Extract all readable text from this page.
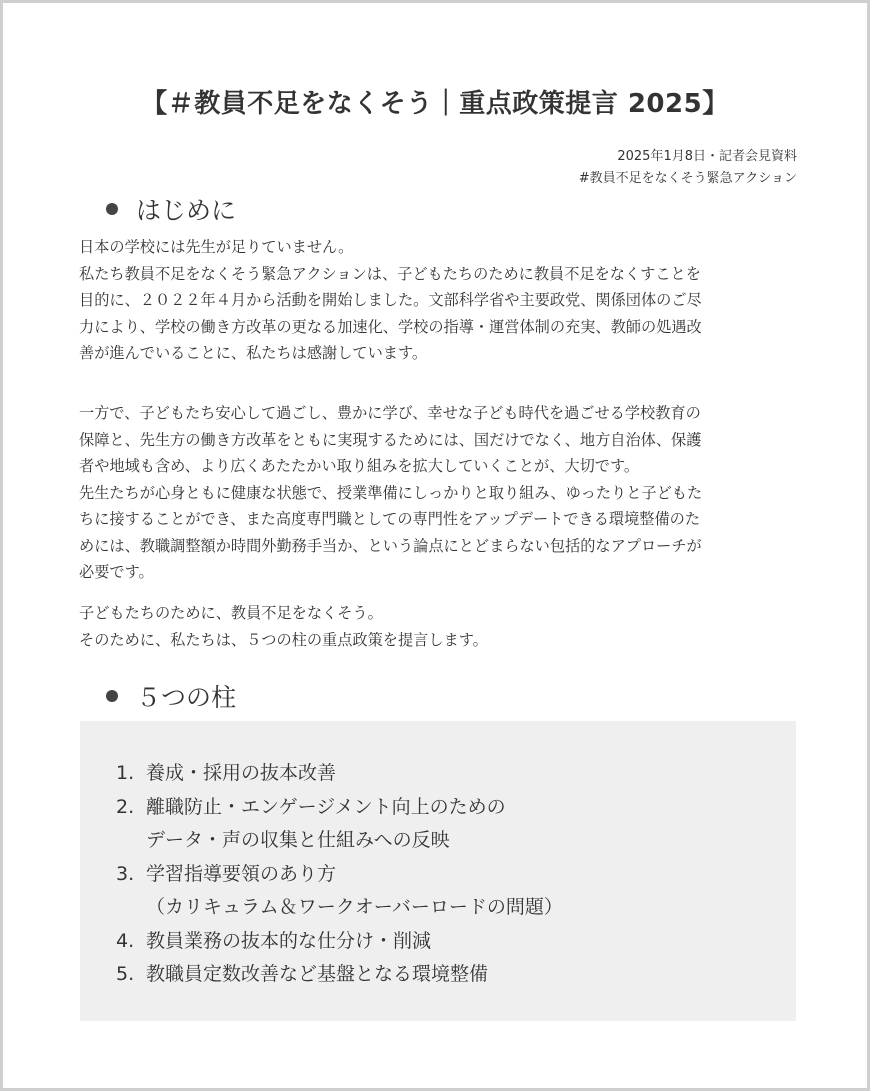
【＃教員不足をなくそう｜重点政策提言 2025】
2025年1月8日・記者会見資料
#教員不足をなくそう緊急アクション
はじめに

日本の学校には先生が足りていません。

私たち教員不足をなくそう緊急アクションは、子どもたちのために教員不足をなくすことを

目的に、２０２２年４月から活動を開始しました。文部科学省や主要政党、関係団体のご尽

力により、学校の働き方改革の更なる加速化、学校の指導・運営体制の充実、教師の処遇改

善が進んでいることに、私たちは感謝しています。

一方で、子どもたち安心して過ごし、豊かに学び、幸せな子ども時代を過ごせる学校教育の

保障と、先生方の働き方改革をともに実現するためには、国だけでなく、地方自治体、保護

者や地域も含め、より広くあたたかい取り組みを拡大していくことが、大切です。

先生たちが心身ともに健康な状態で、授業準備にしっかりと取り組み、ゆったりと子どもた

ちに接することができ、また高度専門職としての専門性をアップデートできる環境整備のた

めには、教職調整額か時間外勤務手当か、という論点にとどまらない包括的なアプローチが

必要です。

子どもたちのために、教員不足をなくそう。

そのために、私たちは、５つの柱の重点政策を提言します。

５つの柱
1. 養成・採用の抜本改善
2. 離職防止・エンゲージメント向上のための
データ・声の収集と仕組みへの反映
3. 学習指導要領のあり方
（カリキュラム＆ワークオーバーロードの問題）
4. 教員業務の抜本的な仕分け・削減
5. 教職員定数改善など基盤となる環境整備
